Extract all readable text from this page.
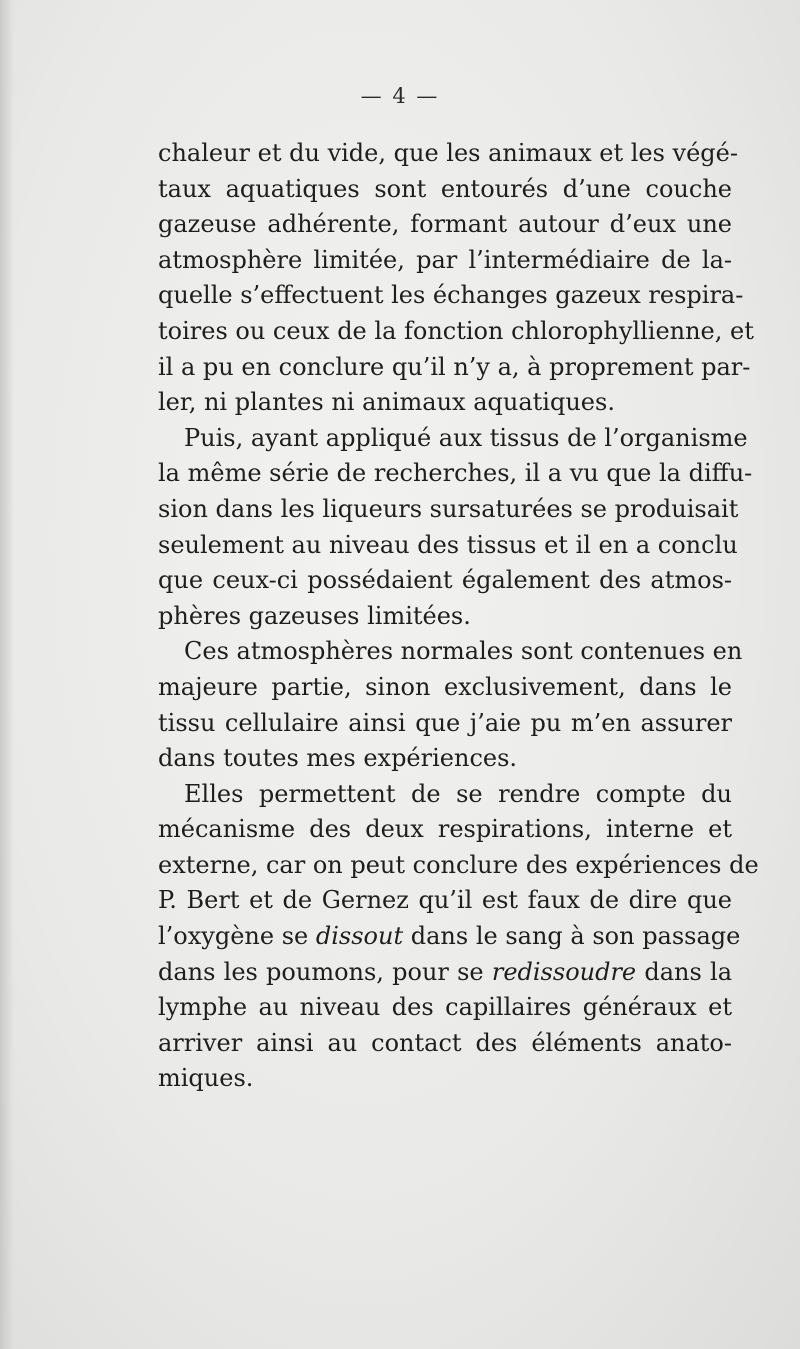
— 4 —

chaleur et du vide, que les animaux et les végé-
taux aquatiques sont entourés d’une couche
gazeuse adhérente, formant autour d’eux une
atmosphère limitée, par l’intermédiaire de la-
quelle s’effectuent les échanges gazeux respira-
toires ou ceux de la fonction chlorophyllienne, et
il a pu en conclure qu’il n’y a, à proprement par-
ler, ni plantes ni animaux aquatiques.

Puis, ayant appliqué aux tissus de l’organisme
la même série de recherches, il a vu que la diffu-
sion dans les liqueurs sursaturées se produisait
seulement au niveau des tissus et il en a conclu
que ceux-ci possédaient également des atmos-
phères gazeuses limitées.

Ces atmosphères normales sont contenues en
majeure partie, sinon exclusivement, dans le
tissu cellulaire ainsi que j’aie pu m’en assurer
dans toutes mes expériences.

Elles permettent de se rendre compte du
mécanisme des deux respirations, interne et
externe, car on peut conclure des expériences de
P. Bert et de Gernez qu’il est faux de dire que
l’oxygène se dissout dans le sang à son passage
dans les poumons, pour se redissoudre dans la
lymphe au niveau des capillaires généraux et
arriver ainsi au contact des éléments anato-
miques.
